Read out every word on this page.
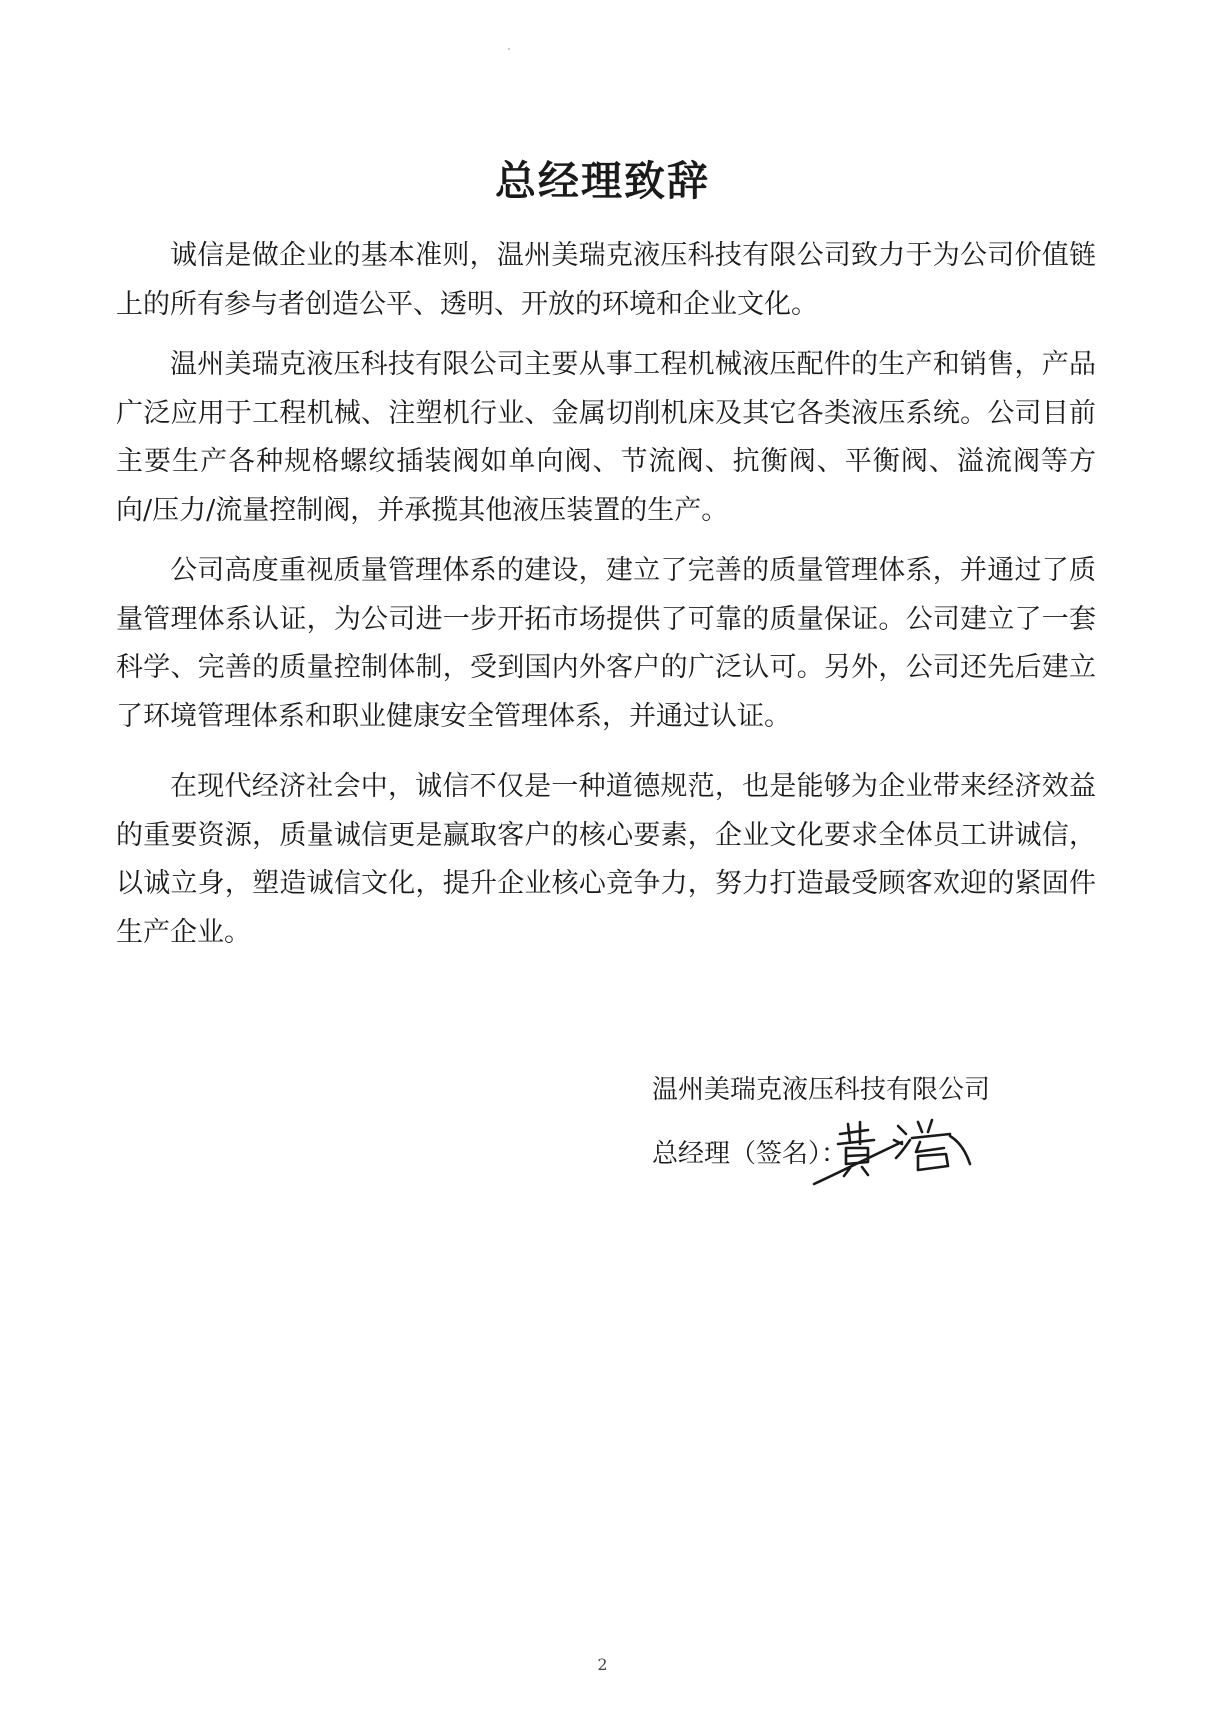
总经理致辞

诚信是做企业的基本准则，温州美瑞克液压科技有限公司致力于为公司价值链上的所有参与者创造公平、透明、开放的环境和企业文化。

温州美瑞克液压科技有限公司主要从事工程机械液压配件的生产和销售，产品广泛应用于工程机械、注塑机行业、金属切削机床及其它各类液压系统。公司目前主要生产各种规格螺纹插装阀如单向阀、节流阀、抗衡阀、平衡阀、溢流阀等方向/压力/流量控制阀，并承揽其他液压装置的生产。

公司高度重视质量管理体系的建设，建立了完善的质量管理体系，并通过了质量管理体系认证，为公司进一步开拓市场提供了可靠的质量保证。公司建立了一套科学、完善的质量控制体制，受到国内外客户的广泛认可。另外，公司还先后建立了环境管理体系和职业健康安全管理体系，并通过认证。

在现代经济社会中，诚信不仅是一种道德规范，也是能够为企业带来经济效益的重要资源，质量诚信更是赢取客户的核心要素，企业文化要求全体员工讲诚信，以诚立身，塑造诚信文化，提升企业核心竞争力，努力打造最受顾客欢迎的紧固件生产企业。

温州美瑞克液压科技有限公司

总经理（签名）：
2
